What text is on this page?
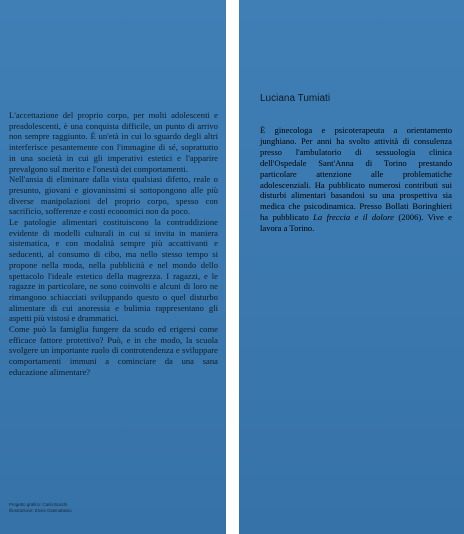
L'accettazione del proprio corpo, per molti adolescenti e preadolescenti, è una conquista difficile, un punto di arrivo non sempre raggiunto. È un'età in cui lo sguardo degli altri interferisce pesantemente con l'immagine di sé, soprattutto in una società in cui gli imperativi estetici e l'apparire prevalgono sul merito e l'onestà dei comportamenti.

Nell'ansia di eliminare dalla vista qualsiasi difetto, reale o presunto, giovani e giovanissimi si sottopongono alle più diverse manipolazioni del proprio corpo, spesso con sacrificio, sofferenze e costi economici non da poco.

Le patologie alimentari costituiscono la contraddizione evidente di modelli culturali in cui si invita in maniera sistematica, e con modalità sempre più accattivanti e seducenti, al consumo di cibo, ma nello stesso tempo si propone nella moda, nella pubblicità e nel mondo dello spettacolo l'ideale estetico della magrezza. I ragazzi, e le ragazze in particolare, ne sono coinvolti e alcuni di loro ne rimangono schiacciati sviluppando questo o quel disturbo alimentare di cui anoressia e bulimia rappresentano gli aspetti più vistosi e drammatici.

Come può la famiglia fungere da scudo ed erigersi come efficace fattore protettivo? Può, e in che modo, la scuola svolgere un importante ruolo di controtendenza e sviluppare comportamenti immuni a cominciare da una sana educazione alimentare?

Progetto grafico: Carlo Boschi
Illustrazione: Elvira Giannattasio
Luciana Tumiati

È ginecologa e psicoterapeuta a orientamento junghiano. Per anni ha svolto attività di consulenza presso l'ambulatorio di sessuologia clinica dell'Ospedale Sant'Anna di Torino prestando particolare attenzione alle problematiche adolescenziali. Ha pubblicato numerosi contributi sui disturbi alimentari basandosi su una prospettiva sia medica che psicodinamica. Presso Bollati Boringhieri ha pubblicato La freccia e il dolore (2006). Vive e lavora a Torino.
